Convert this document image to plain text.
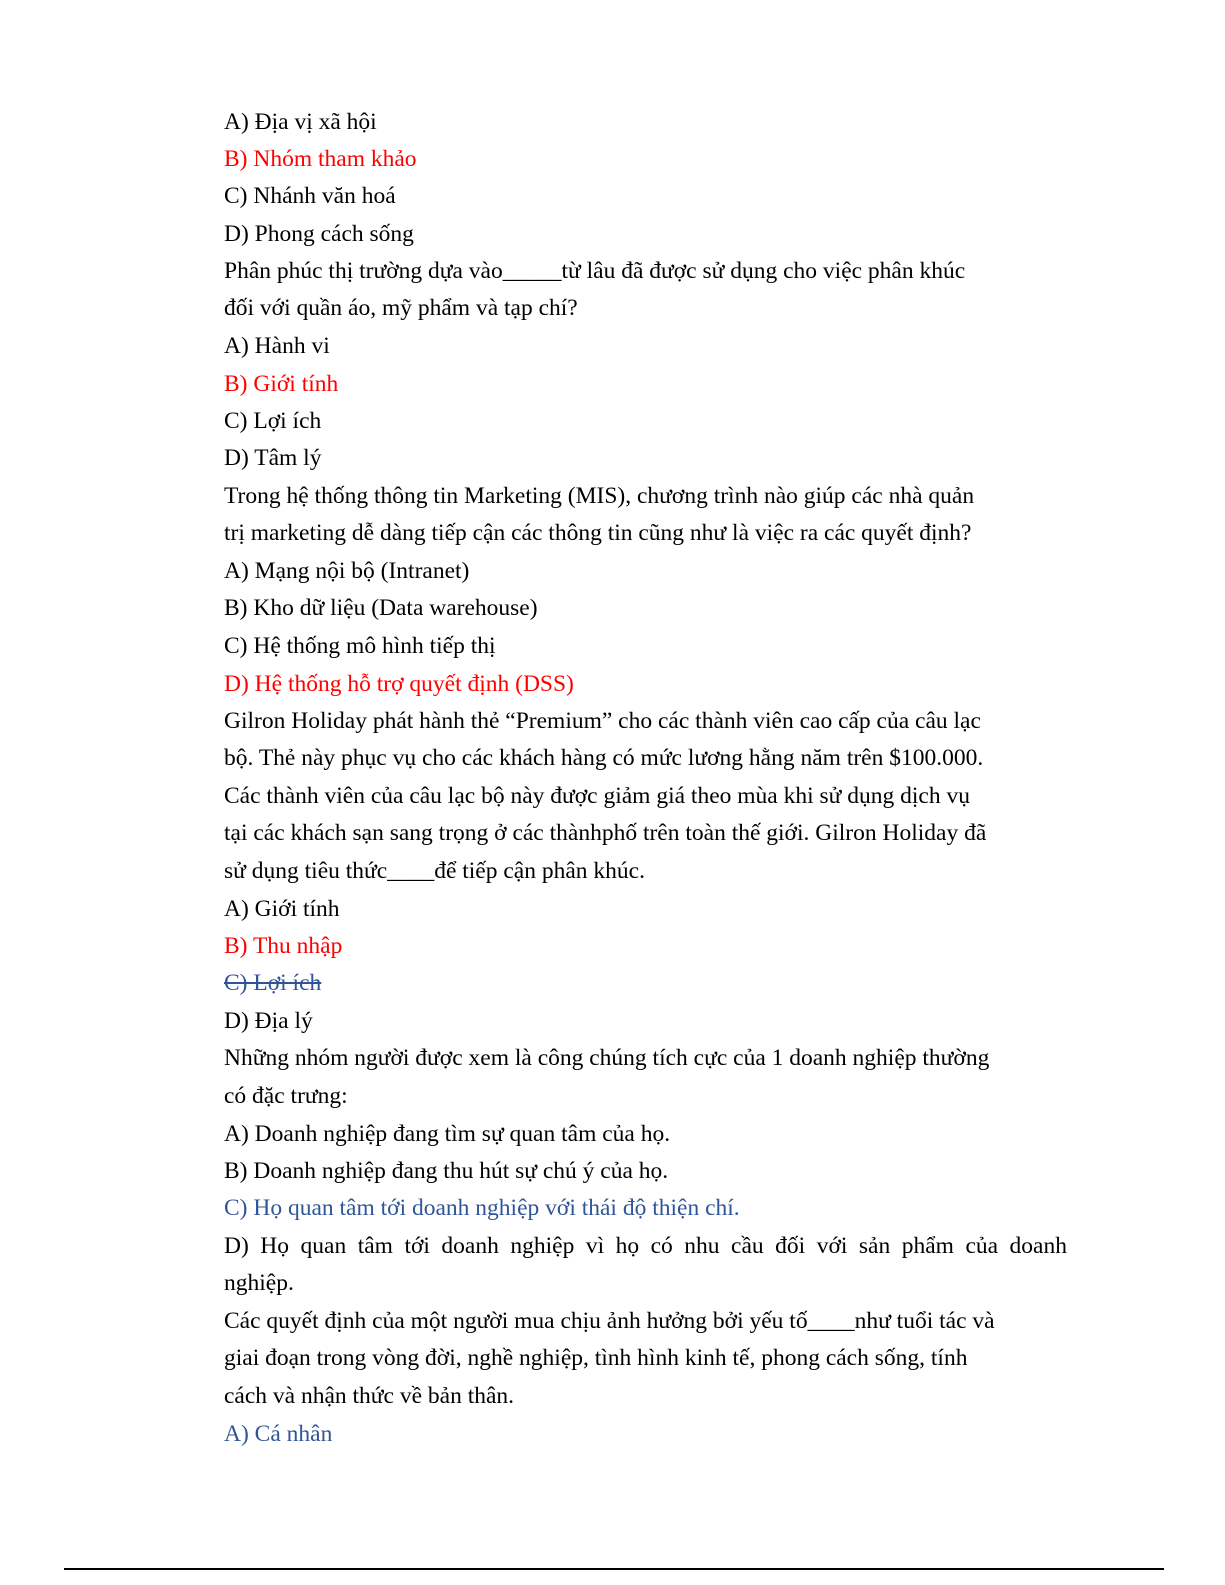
A) Địa vị xã hội

B) Nhóm tham khảo

C) Nhánh văn hoá

D) Phong cách sống

Phân phúc thị trường dựa vào_____từ lâu đã được sử dụng cho việc phân khúc

đối với quần áo, mỹ phẩm và tạp chí?

A) Hành vi

B) Giới tính

C) Lợi ích

D) Tâm lý

Trong hệ thống thông tin Marketing (MIS), chương trình nào giúp các nhà quản

trị marketing dễ dàng tiếp cận các thông tin cũng như là việc ra các quyết định?

A) Mạng nội bộ (Intranet)

B) Kho dữ liệu (Data warehouse)

C) Hệ thống mô hình tiếp thị

D) Hệ thống hỗ trợ quyết định (DSS)

Gilron Holiday phát hành thẻ “Premium” cho các thành viên cao cấp của câu lạc

bộ. Thẻ này phục vụ cho các khách hàng có mức lương hằng năm trên $100.000.

Các thành viên của câu lạc bộ này được giảm giá theo mùa khi sử dụng dịch vụ

tại các khách sạn sang trọng ở các thànhphố trên toàn thế giới. Gilron Holiday đã

sử dụng tiêu thức____để tiếp cận phân khúc.

A) Giới tính

B) Thu nhập

C) Lợi ích

D) Địa lý

Những nhóm người được xem là công chúng tích cực của 1 doanh nghiệp thường

có đặc trưng:

A) Doanh nghiệp đang tìm sự quan tâm của họ.

B) Doanh nghiệp đang thu hút sự chú ý của họ.

C) Họ quan tâm tới doanh nghiệp với thái độ thiện chí.

D) Họ quan tâm tới doanh nghiệp vì họ có nhu cầu đối với sản phẩm của doanh

nghiệp.

Các quyết định của một người mua chịu ảnh hưởng bởi yếu tố____như tuổi tác và

giai đoạn trong vòng đời, nghề nghiệp, tình hình kinh tế, phong cách sống, tính

cách và nhận thức về bản thân.

A) Cá nhân
